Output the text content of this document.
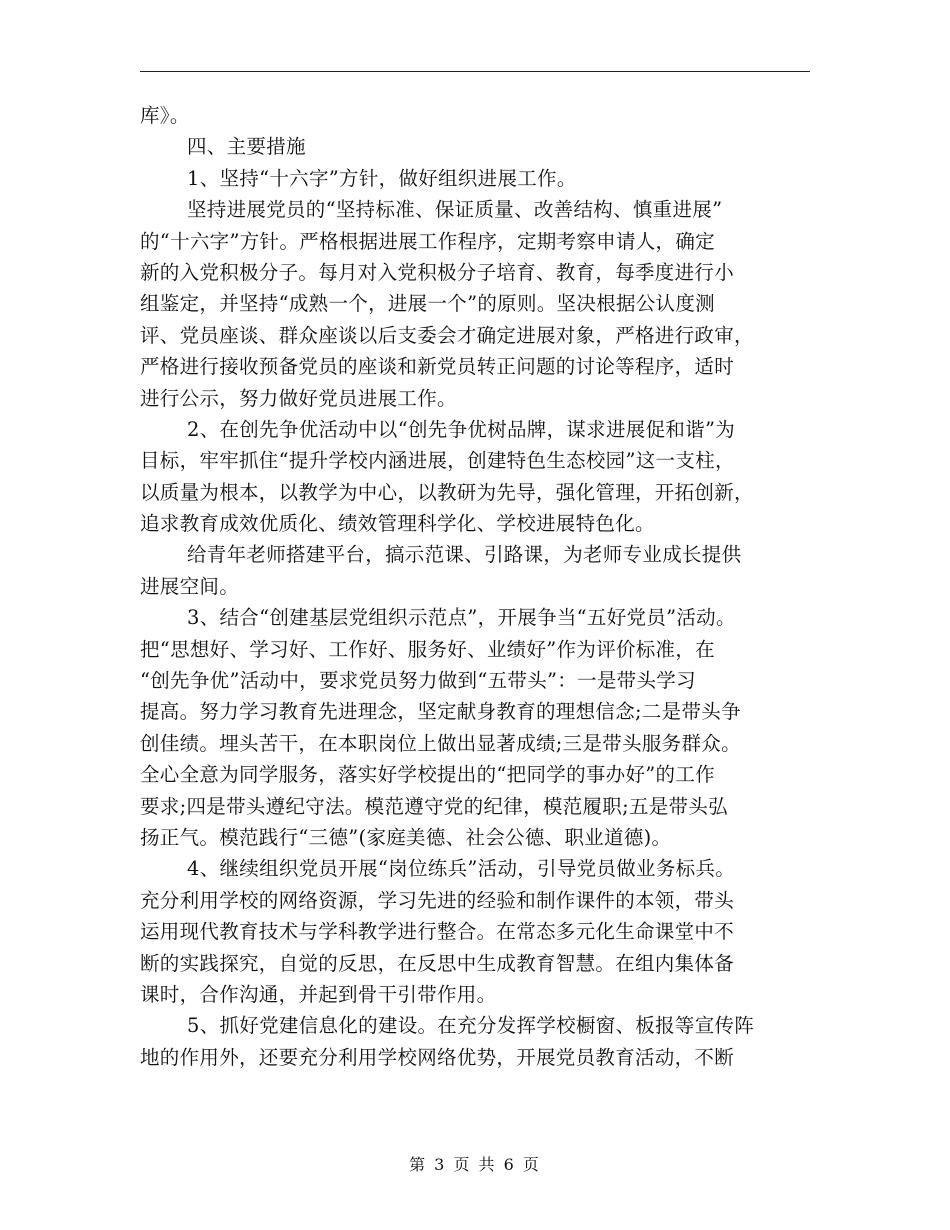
库》。
四、主要措施
1、坚持“十六字”方针，做好组织进展工作。
坚持进展党员的“坚持标准、保证质量、改善结构、慎重进展”
的“十六字”方针。严格根据进展工作程序，定期考察申请人，确定
新的入党积极分子。每月对入党积极分子培育、教育，每季度进行小
组鉴定，并坚持“成熟一个，进展一个”的原则。坚决根据公认度测
评、党员座谈、群众座谈以后支委会才确定进展对象，严格进行政审，
严格进行接收预备党员的座谈和新党员转正问题的讨论等程序，适时
进行公示，努力做好党员进展工作。
2、在创先争优活动中以“创先争优树品牌，谋求进展促和谐”为
目标，牢牢抓住“提升学校内涵进展，创建特色生态校园”这一支柱，
以质量为根本，以教学为中心，以教研为先导，强化管理，开拓创新，
追求教育成效优质化、绩效管理科学化、学校进展特色化。
给青年老师搭建平台，搞示范课、引路课，为老师专业成长提供
进展空间。
3、结合“创建基层党组织示范点”，开展争当“五好党员”活动。
把“思想好、学习好、工作好、服务好、业绩好”作为评价标准，在
“创先争优”活动中，要求党员努力做到“五带头”：一是带头学习
提高。努力学习教育先进理念，坚定献身教育的理想信念;二是带头争
创佳绩。埋头苦干，在本职岗位上做出显著成绩;三是带头服务群众。
全心全意为同学服务，落实好学校提出的“把同学的事办好”的工作
要求;四是带头遵纪守法。模范遵守党的纪律，模范履职;五是带头弘
扬正气。模范践行“三德”(家庭美德、社会公德、职业道德)。
4、继续组织党员开展“岗位练兵”活动，引导党员做业务标兵。
充分利用学校的网络资源，学习先进的经验和制作课件的本领，带头
运用现代教育技术与学科教学进行整合。在常态多元化生命课堂中不
断的实践探究，自觉的反思，在反思中生成教育智慧。在组内集体备
课时，合作沟通，并起到骨干引带作用。
5、抓好党建信息化的建设。在充分发挥学校橱窗、板报等宣传阵
地的作用外，还要充分利用学校网络优势，开展党员教育活动，不断
第 3 页 共 6 页
